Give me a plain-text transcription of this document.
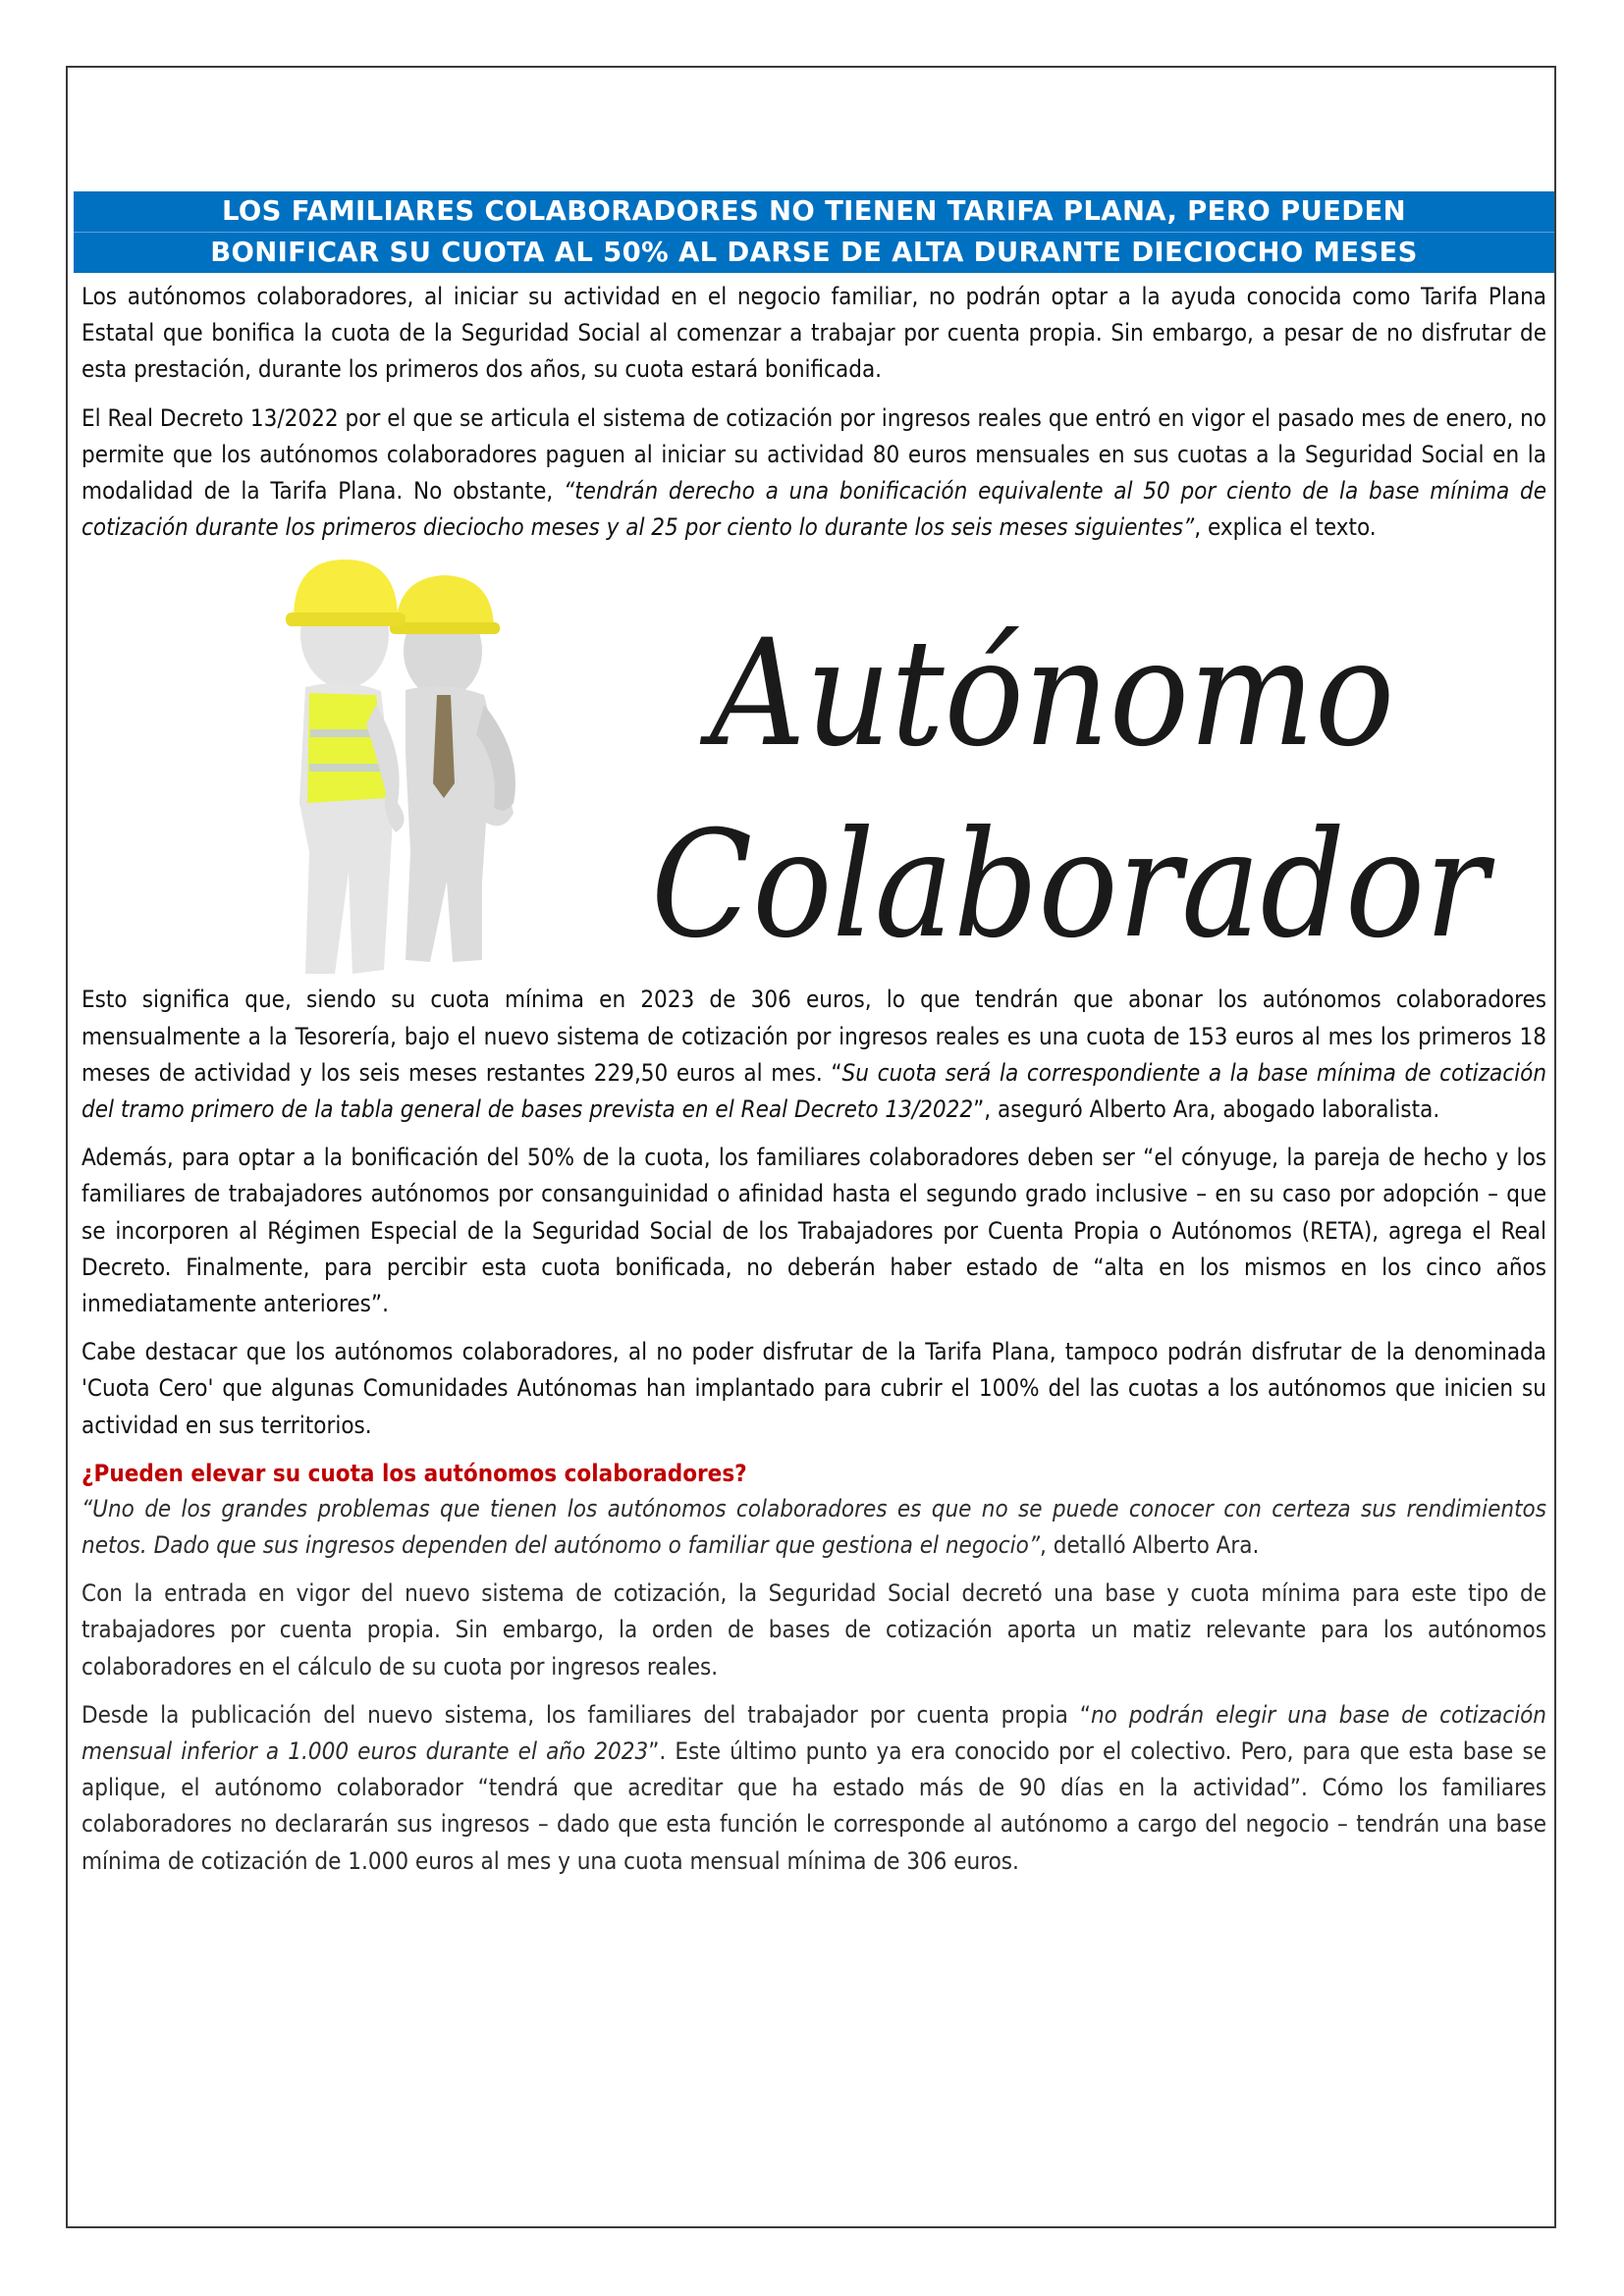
LOS FAMILIARES COLABORADORES NO TIENEN TARIFA PLANA, PERO PUEDEN
BONIFICAR SU CUOTA AL 50% AL DARSE DE ALTA DURANTE DIECIOCHO MESES

Los autónomos colaboradores, al iniciar su actividad en el negocio familiar, no podrán optar a la ayuda conocida como Tarifa Plana Estatal que bonifica la cuota de la Seguridad Social al comenzar a trabajar por cuenta propia. Sin embargo, a pesar de no disfrutar de esta prestación, durante los primeros dos años, su cuota estará bonificada.

El Real Decreto 13/2022 por el que se articula el sistema de cotización por ingresos reales que entró en vigor el pasado mes de enero, no permite que los autónomos colaboradores paguen al iniciar su actividad 80 euros mensuales en sus cuotas a la Seguridad Social en la modalidad de la Tarifa Plana. No obstante, “tendrán derecho a una bonificación equivalente al 50 por ciento de la base mínima de cotización durante los primeros dieciocho meses y al 25 por ciento lo durante los seis meses siguientes”, explica el texto.

Autónomo
Colaborador

Esto significa que, siendo su cuota mínima en 2023 de 306 euros, lo que tendrán que abonar los autónomos colaboradores mensualmente a la Tesorería, bajo el nuevo sistema de cotización por ingresos reales es una cuota de 153 euros al mes los primeros 18 meses de actividad y los seis meses restantes 229,50 euros al mes. “Su cuota será la correspondiente a la base mínima de cotización del tramo primero de la tabla general de bases prevista en el Real Decreto 13/2022”, aseguró Alberto Ara, abogado laboralista.

Además, para optar a la bonificación del 50% de la cuota, los familiares colaboradores deben ser “el cónyuge, la pareja de hecho y los familiares de trabajadores autónomos por consanguinidad o afinidad hasta el segundo grado inclusive – en su caso por adopción – que se incorporen al Régimen Especial de la Seguridad Social de los Trabajadores por Cuenta Propia o Autónomos (RETA), agrega el Real Decreto. Finalmente, para percibir esta cuota bonificada, no deberán haber estado de “alta en los mismos en los cinco años inmediatamente anteriores”.

Cabe destacar que los autónomos colaboradores, al no poder disfrutar de la Tarifa Plana, tampoco podrán disfrutar de la denominada 'Cuota Cero' que algunas Comunidades Autónomas han implantado para cubrir el 100% del las cuotas a los autónomos que inicien su actividad en sus territorios.

¿Pueden elevar su cuota los autónomos colaboradores?

“Uno de los grandes problemas que tienen los autónomos colaboradores es que no se puede conocer con certeza sus rendimientos netos. Dado que sus ingresos dependen del autónomo o familiar que gestiona el negocio”, detalló Alberto Ara.

Con la entrada en vigor del nuevo sistema de cotización, la Seguridad Social decretó una base y cuota mínima para este tipo de trabajadores por cuenta propia. Sin embargo, la orden de bases de cotización aporta un matiz relevante para los autónomos colaboradores en el cálculo de su cuota por ingresos reales.

Desde la publicación del nuevo sistema, los familiares del trabajador por cuenta propia “no podrán elegir una base de cotización mensual inferior a 1.000 euros durante el año 2023”. Este último punto ya era conocido por el colectivo. Pero, para que esta base se aplique, el autónomo colaborador “tendrá que acreditar que ha estado más de 90 días en la actividad”. Cómo los familiares colaboradores no declararán sus ingresos – dado que esta función le corresponde al autónomo a cargo del negocio – tendrán una base mínima de cotización de 1.000 euros al mes y una cuota mensual mínima de 306 euros.
